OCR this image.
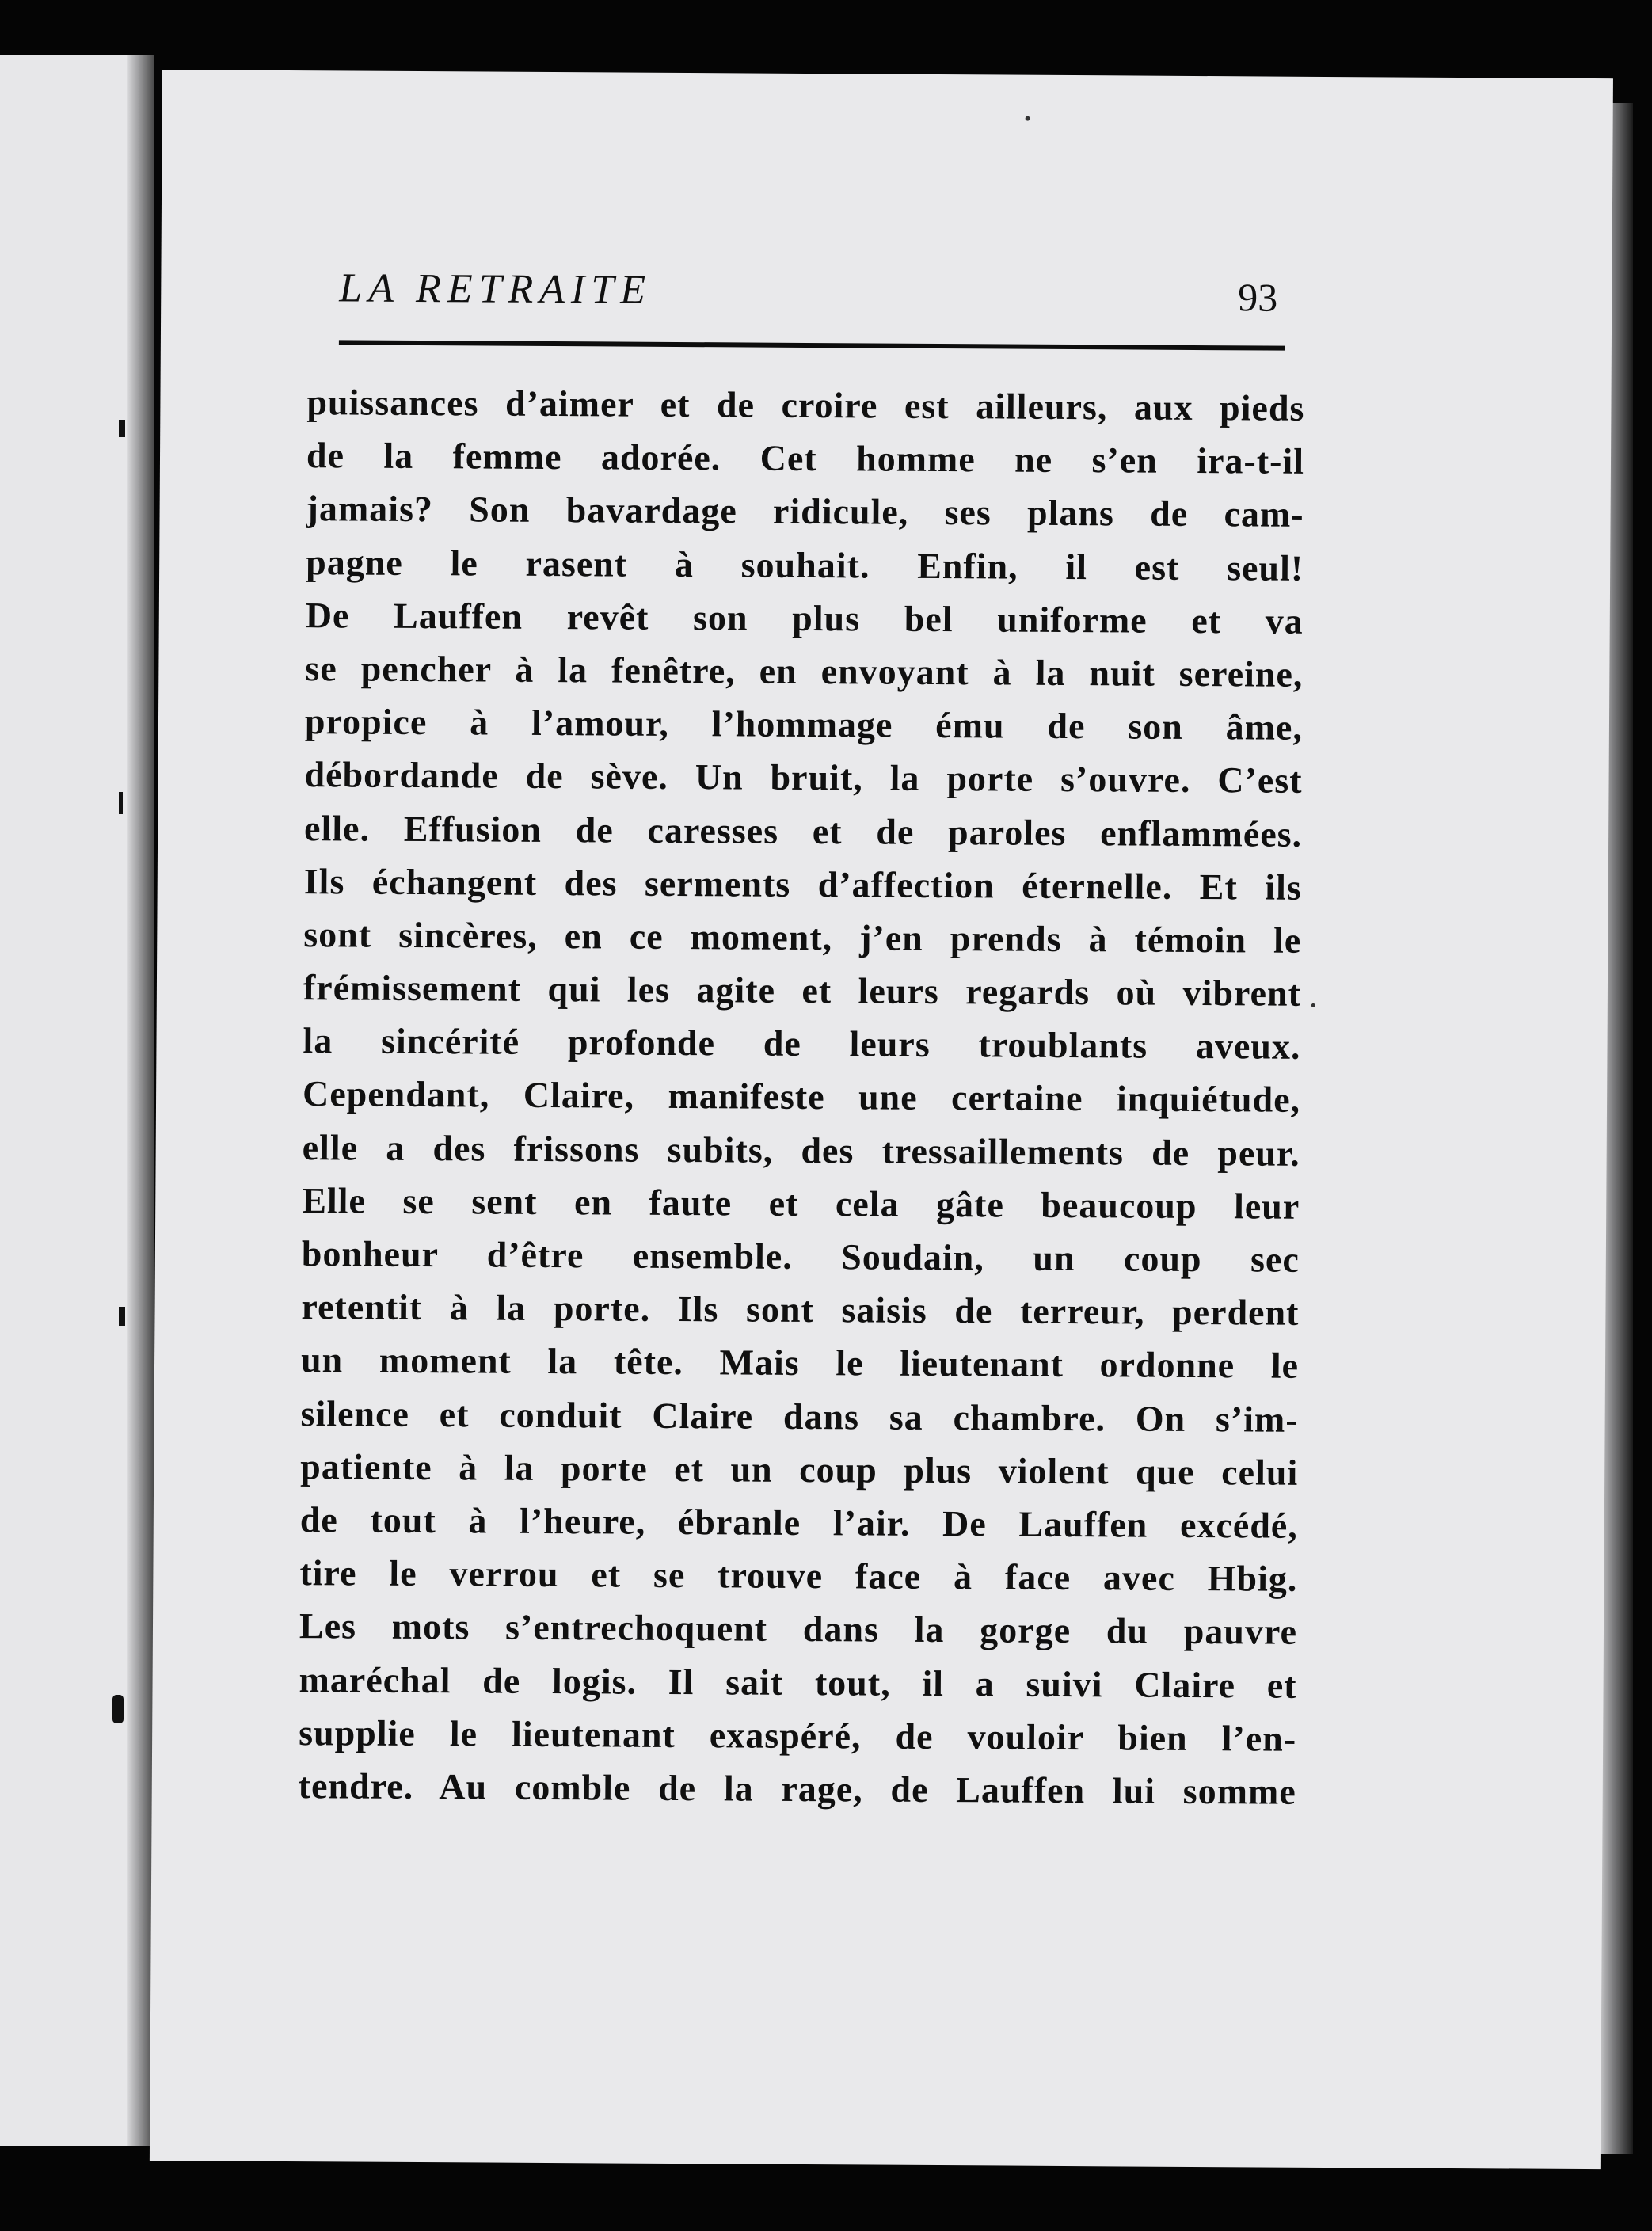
LA RETRAITE	93
puissances d’aimer et de croire est ailleurs, aux pieds
de la femme adorée. Cet homme ne s’en ira-t-il
jamais? Son bavardage ridicule, ses plans de cam-
pagne le rasent à souhait. Enfin, il est seul!
De Lauffen revêt son plus bel uniforme et va
se pencher à la fenêtre, en envoyant à la nuit sereine,
propice à l’amour, l’hommage ému de son âme,
débordande de sève. Un bruit, la porte s’ouvre. C’est
elle. Effusion de caresses et de paroles enflammées.
Ils échangent des serments d’affection éternelle. Et ils
sont sincères, en ce moment, j’en prends à témoin le
frémissement qui les agite et leurs regards où vibrent
la sincérité profonde de leurs troublants aveux.
Cependant, Claire, manifeste une certaine inquiétude,
elle a des frissons subits, des tressaillements de peur.
Elle se sent en faute et cela gâte beaucoup leur
bonheur d’être ensemble. Soudain, un coup sec
retentit à la porte. Ils sont saisis de terreur, perdent
un moment la tête. Mais le lieutenant ordonne le
silence et conduit Claire dans sa chambre. On s’im-
patiente à la porte et un coup plus violent que celui
de tout à l’heure, ébranle l’air. De Lauffen excédé,
tire le verrou et se trouve face à face avec Hbig.
Les mots s’entrechoquent dans la gorge du pauvre
maréchal de logis. Il sait tout, il a suivi Claire et
supplie le lieutenant exaspéré, de vouloir bien l’en-
tendre. Au comble de la rage, de Lauffen lui somme
